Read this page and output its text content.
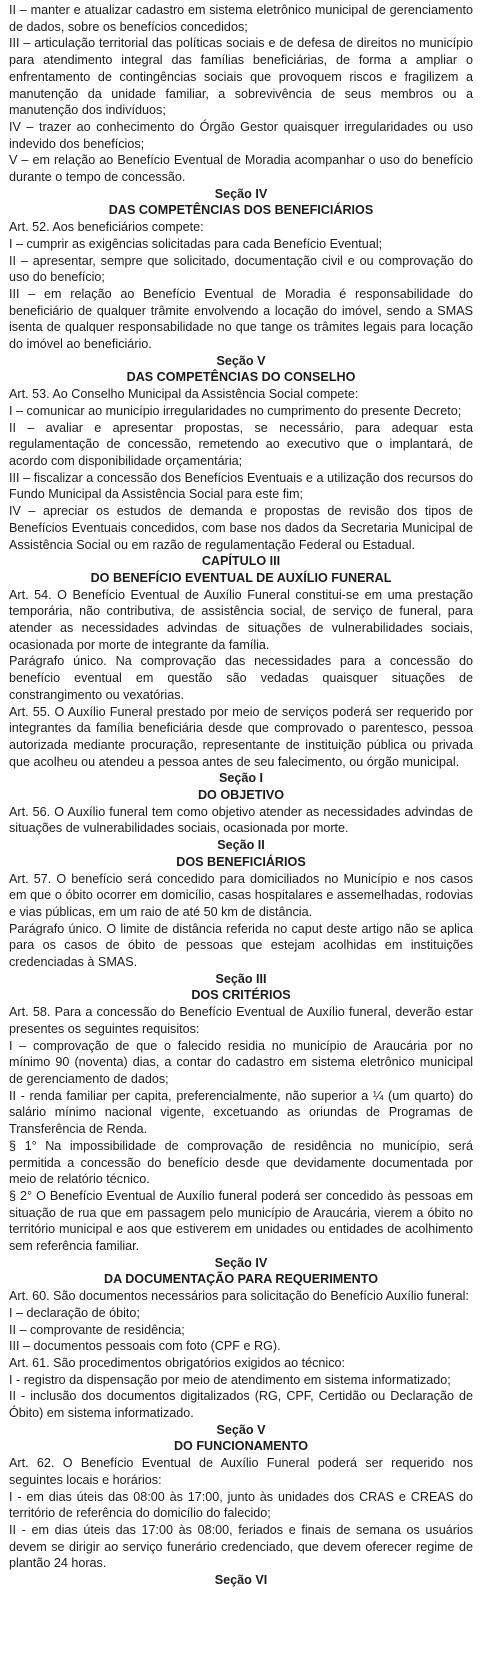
II – manter e atualizar cadastro em sistema eletrônico municipal de gerenciamento de dados, sobre os benefícios concedidos;
III – articulação territorial das políticas sociais e de defesa de direitos no município para atendimento integral das famílias beneficiárias, de forma a ampliar o enfrentamento de contingências sociais que provoquem riscos e fragilizem a manutenção da unidade familiar, a sobrevivência de seus membros ou a manutenção dos indivíduos;
IV – trazer ao conhecimento do Órgão Gestor quaisquer irregularidades ou uso indevido dos benefícios;
V – em relação ao Benefício Eventual de Moradia acompanhar o uso do benefício durante o tempo de concessão.
Seção IV
DAS COMPETÊNCIAS DOS BENEFICIÁRIOS
Art. 52. Aos beneficiários compete:
I – cumprir as exigências solicitadas para cada Benefício Eventual;
II – apresentar, sempre que solicitado, documentação civil e ou comprovação do uso do benefício;
III – em relação ao Benefício Eventual de Moradia é responsabilidade do beneficiário de qualquer trâmite envolvendo a locação do imóvel, sendo a SMAS isenta de qualquer responsabilidade no que tange os trâmites legais para locação do imóvel ao beneficiário.
Seção V
DAS COMPETÊNCIAS DO CONSELHO
Art. 53. Ao Conselho Municipal da Assistência Social compete:
I – comunicar ao município irregularidades no cumprimento do presente Decreto;
II – avaliar e apresentar propostas, se necessário, para adequar esta regulamentação de concessão, remetendo ao executivo que o implantará, de acordo com disponibilidade orçamentária;
III – fiscalizar a concessão dos Benefícios Eventuais e a utilização dos recursos do Fundo Municipal da Assistência Social para este fim;
IV – apreciar os estudos de demanda e propostas de revisão dos tipos de Benefícios Eventuais concedidos, com base nos dados da Secretaria Municipal de Assistência Social ou em razão de regulamentação Federal ou Estadual.
CAPÍTULO III
DO BENEFÍCIO EVENTUAL DE AUXÍLIO FUNERAL
Art. 54. O Benefício Eventual de Auxílio Funeral constitui-se em uma prestação temporária, não contributiva, de assistência social, de serviço de funeral, para atender as necessidades advindas de situações de vulnerabilidades sociais, ocasionada por morte de integrante da família.
Parágrafo único. Na comprovação das necessidades para a concessão do benefício eventual em questão são vedadas quaisquer situações de constrangimento ou vexatórias.
Art. 55. O Auxílio Funeral prestado por meio de serviços poderá ser requerido por integrantes da família beneficiária desde que comprovado o parentesco, pessoa autorizada mediante procuração, representante de instituição pública ou privada que acolheu ou atendeu a pessoa antes de seu falecimento, ou órgão municipal.
Seção I
DO OBJETIVO
Art. 56. O Auxílio funeral tem como objetivo atender as necessidades advindas de situações de vulnerabilidades sociais, ocasionada por morte.
Seção II
DOS BENEFICIÁRIOS
Art. 57. O benefício será concedido para domiciliados no Município e nos casos em que o óbito ocorrer em domicílio, casas hospitalares e assemelhadas, rodovias e vias públicas, em um raio de até 50 km de distância.
Parágrafo único. O limite de distância referida no caput deste artigo não se aplica para os casos de óbito de pessoas que estejam acolhidas em instituições credenciadas à SMAS.
Seção III
DOS CRITÉRIOS
Art. 58. Para a concessão do Benefício Eventual de Auxílio funeral, deverão estar presentes os seguintes requisitos:
I – comprovação de que o falecido residia no município de Araucária por no mínimo 90 (noventa) dias, a contar do cadastro em sistema eletrônico municipal de gerenciamento de dados;
II - renda familiar per capita, preferencialmente, não superior a ¼ (um quarto) do salário mínimo nacional vigente, excetuando as oriundas de Programas de Transferência de Renda.
§ 1° Na impossibilidade de comprovação de residência no município, será permitida a concessão do benefício desde que devidamente documentada por meio de relatório técnico.
§ 2° O Benefício Eventual de Auxílio funeral poderá ser concedido às pessoas em situação de rua que em passagem pelo município de Araucária, vierem a óbito no território municipal e aos que estiverem em unidades ou entidades de acolhimento sem referência familiar.
Seção IV
DA DOCUMENTAÇÃO PARA REQUERIMENTO
Art. 60. São documentos necessários para solicitação do Benefício Auxílio funeral:
I – declaração de óbito;
II – comprovante de residência;
III – documentos pessoais com foto (CPF e RG).
Art. 61. São procedimentos obrigatórios exigidos ao técnico:
I - registro da dispensação por meio de atendimento em sistema informatizado;
II - inclusão dos documentos digitalizados (RG, CPF, Certidão ou Declaração de Óbito) em sistema informatizado.
Seção V
DO FUNCIONAMENTO
Art. 62. O Benefício Eventual de Auxílio Funeral poderá ser requerido nos seguintes locais e horários:
I - em dias úteis das 08:00 às 17:00, junto às unidades dos CRAS e CREAS do território de referência do domicílio do falecido;
II - em dias úteis das 17:00 às 08:00, feriados e finais de semana os usuários devem se dirigir ao serviço funerário credenciado, que devem oferecer regime de plantão 24 horas.
Seção VI
